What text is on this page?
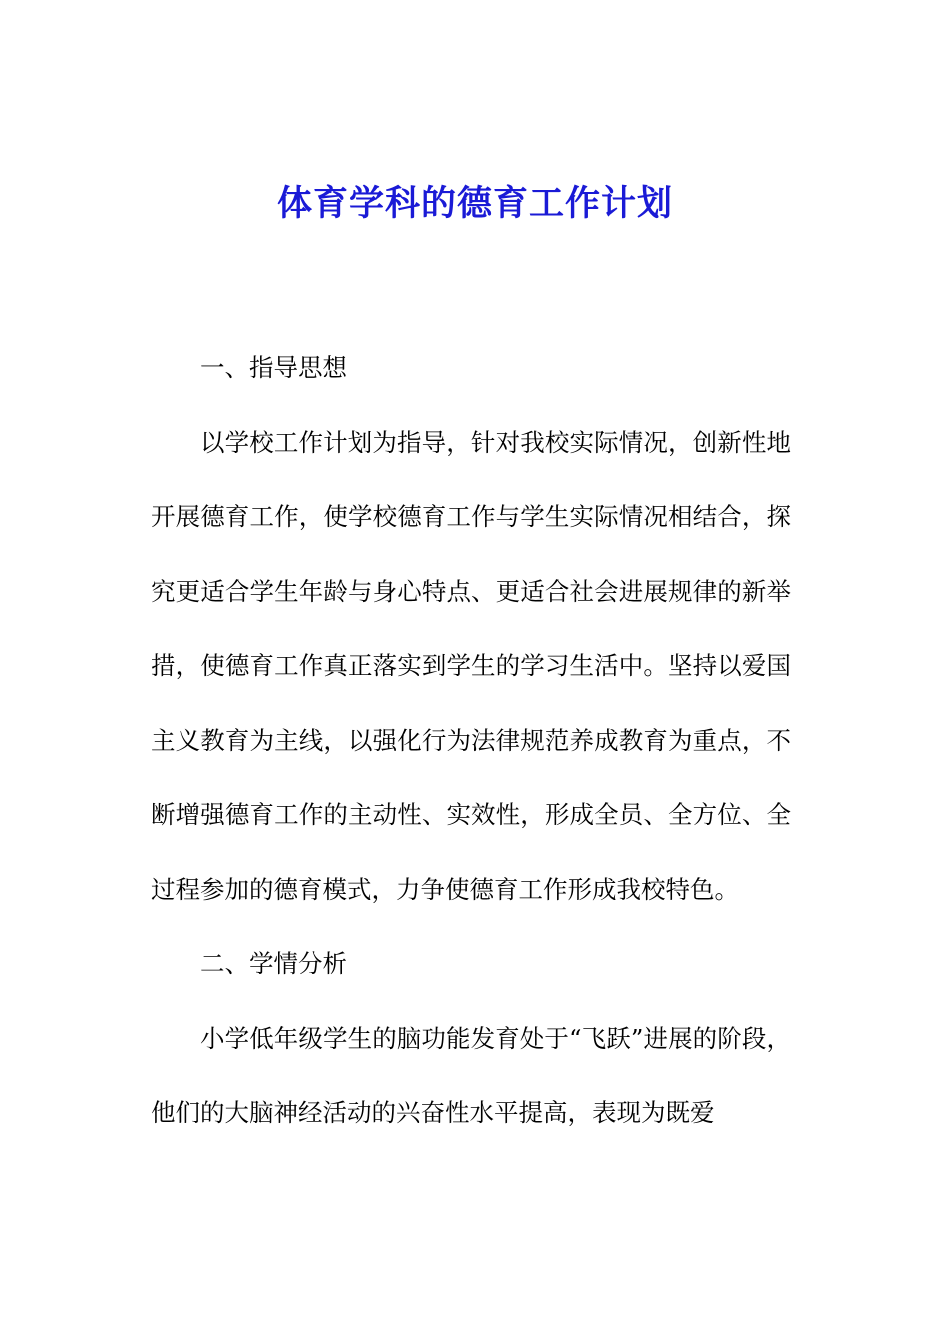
体育学科的德育工作计划

一、指导思想

以学校工作计划为指导，针对我校实际情况，创新性地开展德育工作，使学校德育工作与学生实际情况相结合，探究更适合学生年龄与身心特点、更适合社会进展规律的新举措，使德育工作真正落实到学生的学习生活中。坚持以爱国主义教育为主线，以强化行为法律规范养成教育为重点，不断增强德育工作的主动性、实效性，形成全员、全方位、全过程参加的德育模式，力争使德育工作形成我校特色。

二、学情分析

小学低年级学生的脑功能发育处于“飞跃”进展的阶段，他们的大脑神经活动的兴奋性水平提高，表现为既爱
